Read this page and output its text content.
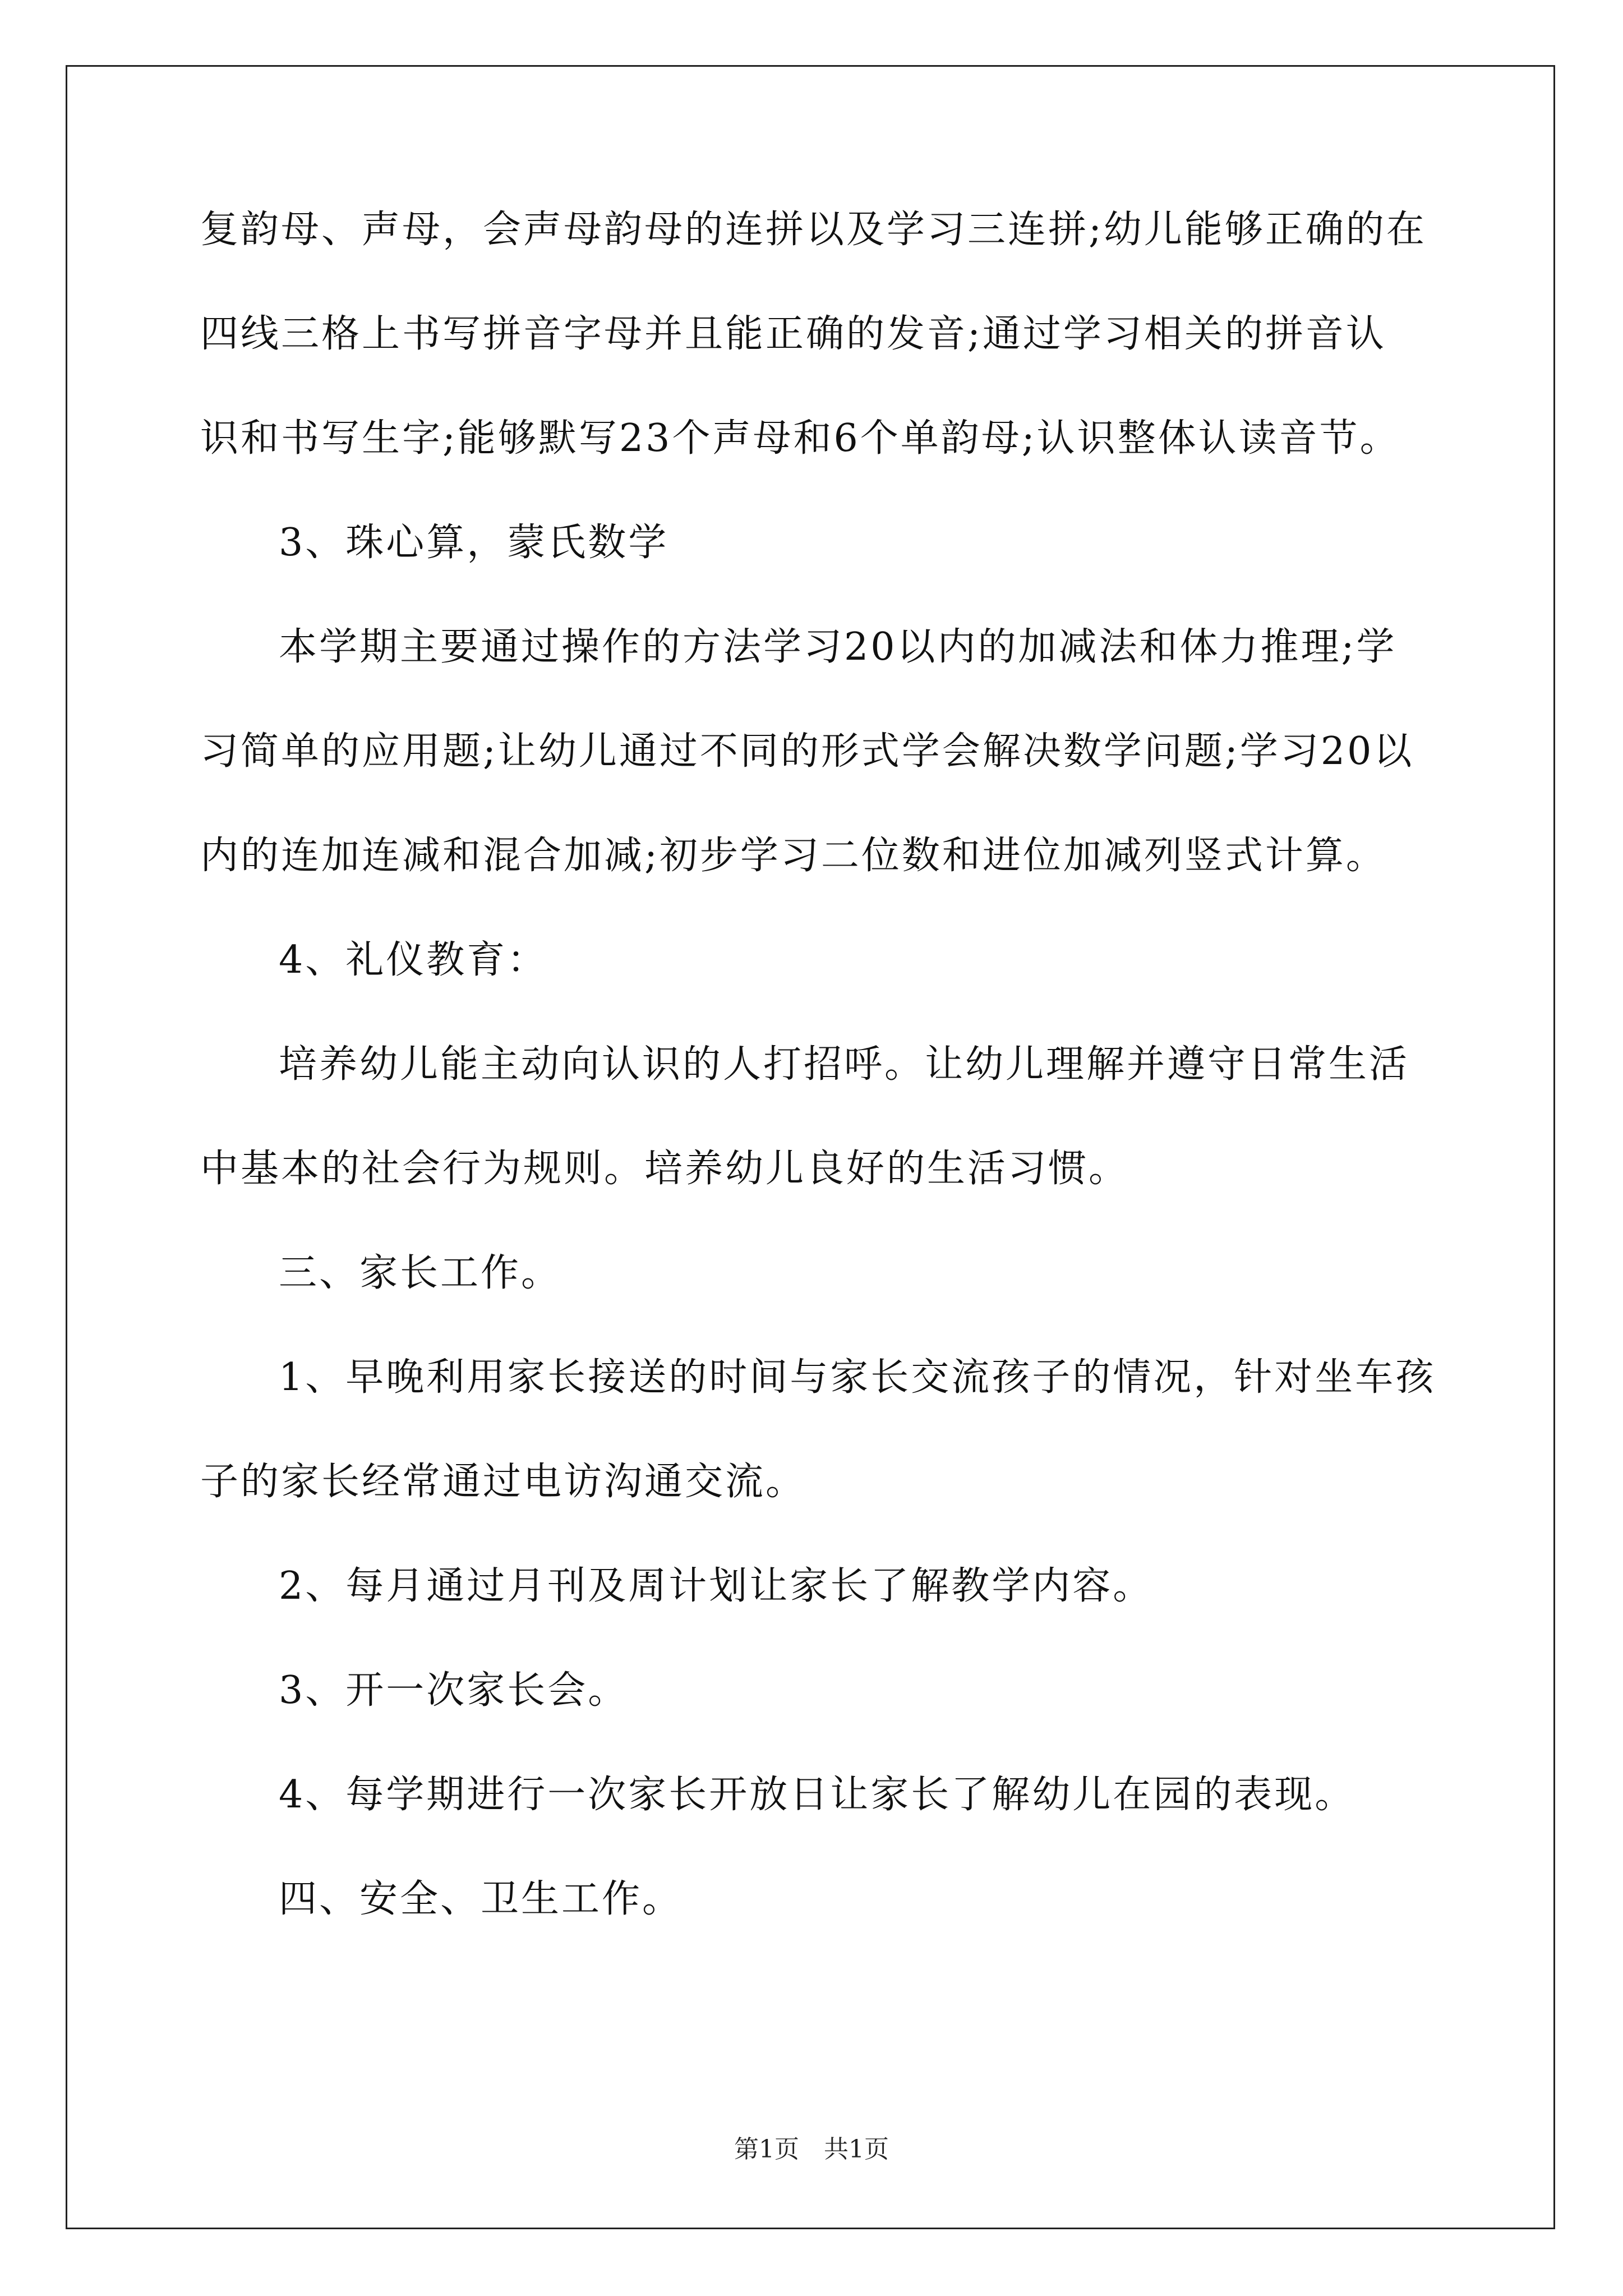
复韵母、声母，会声母韵母的连拼以及学习三连拼;幼儿能够正确的在
四线三格上书写拼音字母并且能正确的发音;通过学习相关的拼音认
识和书写生字;能够默写23个声母和6个单韵母;认识整体认读音节。
3、珠心算，蒙氏数学
本学期主要通过操作的方法学习20以内的加减法和体力推理;学
习简单的应用题;让幼儿通过不同的形式学会解决数学问题;学习20以
内的连加连减和混合加减;初步学习二位数和进位加减列竖式计算。
4、礼仪教育：
培养幼儿能主动向认识的人打招呼。让幼儿理解并遵守日常生活
中基本的社会行为规则。培养幼儿良好的生活习惯。
三、家长工作。
1、早晚利用家长接送的时间与家长交流孩子的情况，针对坐车孩
子的家长经常通过电访沟通交流。
2、每月通过月刊及周计划让家长了解教学内容。
3、开一次家长会。
4、每学期进行一次家长开放日让家长了解幼儿在园的表现。
四、安全、卫生工作。
第1页　共1页
